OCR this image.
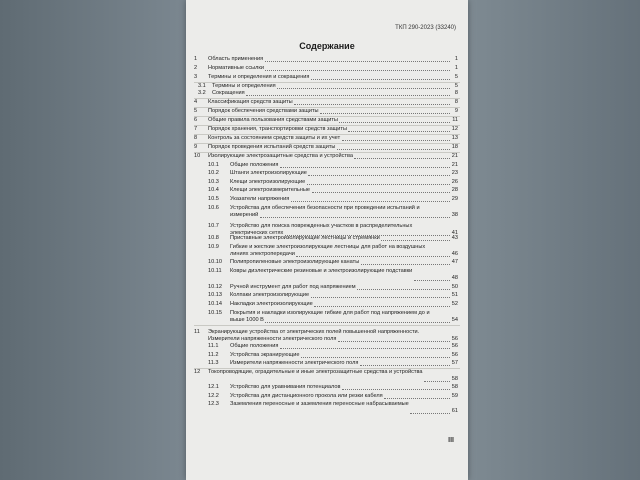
ТКП 290-2023 (33240)
Содержание
1 Область применения	1
2 Нормативные ссылки	1
3 Термины и определения и сокращения	5
3.1 Термины и определения	5
3.2 Сокращения	8
4 Классификация средств защиты	8
5 Порядок обеспечения средствами защиты	9
6 Общие правила пользования средствами защиты	11
7 Порядок хранения, транспортировки средств защиты	12
8 Контроль за состоянием средств защиты и их учет	13
9 Порядок проведения испытаний средств защиты	18
10 Изолирующие электрозащитные средства и устройства	21
10.1 Общие положения	21
10.2 Штанги электроизолирующие	23
10.3 Клещи электроизолирующие	26
10.4 Клещи электроизмерительные	28
10.5 Указатели напряжения	29
10.6 Устройства для обеспечения безопасности при проведении испытаний и измерений	38
10.7 Устройство для поиска поврежденных участков в распределительных электрических сетях	41
10.8 Приставные электроизолирующие лестницы и стремянки	43
10.9 Гибкие и жесткие электроизолирующие лестницы для работ на воздушных линиях электропередачи	46
10.10 Полипропиленовые электроизолирующие канаты	47
10.11 Ковры диэлектрические резиновые и электроизолирующие подставки
48
10.12 Ручной инструмент для работ под напряжением	50
10.13 Колпаки электроизолирующие	51
10.14 Накладки электроизолирующие	52
10.15 Покрытия и накладки изолирующие гибкие для работ под напряжением до и выше 1000 В	54
11 Экранирующие устройства от электрических полей повышенной напряженности. Измерители напряженности электрического поля	56
11.1 Общие положения	56
11.2 Устройства экранирующие	56
11.3 Измерители напряженности электрического поля	57
12 Токопроводящие, оградительные и иные электрозащитные средства и устройства
58
12.1 Устройство для уравнивания потенциалов	58
12.2 Устройства для дистанционного прокола или резки кабеля	59
12.3 Заземления переносные и заземления переносные набрасываемые
61
III
